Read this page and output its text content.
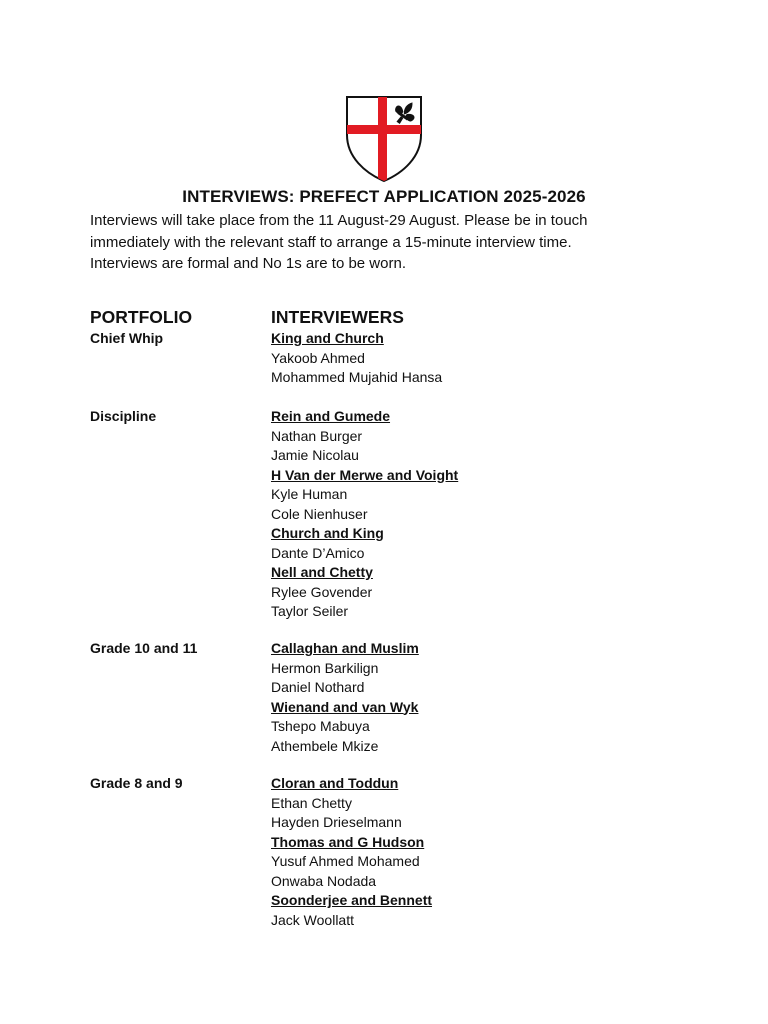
INTERVIEWS: PREFECT APPLICATION 2025-2026

Interviews will take place from the 11 August-29 August. Please be in touch

immediately with the relevant staff to arrange a 15-minute interview time.

Interviews are formal and No 1s are to be worn.

PORTFOLIO	INTERVIEWERS
Chief Whip	King and Church
Yakoob Ahmed
Mohammed Mujahid Hansa
Discipline	Rein and Gumede
Nathan Burger
Jamie Nicolau
H Van der Merwe and Voight
Kyle Human
Cole Nienhuser
Church and King
Dante D’Amico
Nell and Chetty
Rylee Govender
Taylor Seiler
Grade 10 and 11	Callaghan and Muslim
Hermon Barkilign
Daniel Nothard
Wienand and van Wyk
Tshepo Mabuya
Athembele Mkize
Grade 8 and 9	Cloran and Toddun
Ethan Chetty
Hayden Drieselmann
Thomas and G Hudson
Yusuf Ahmed Mohamed
Onwaba Nodada
Soonderjee and Bennett
Jack Woollatt
